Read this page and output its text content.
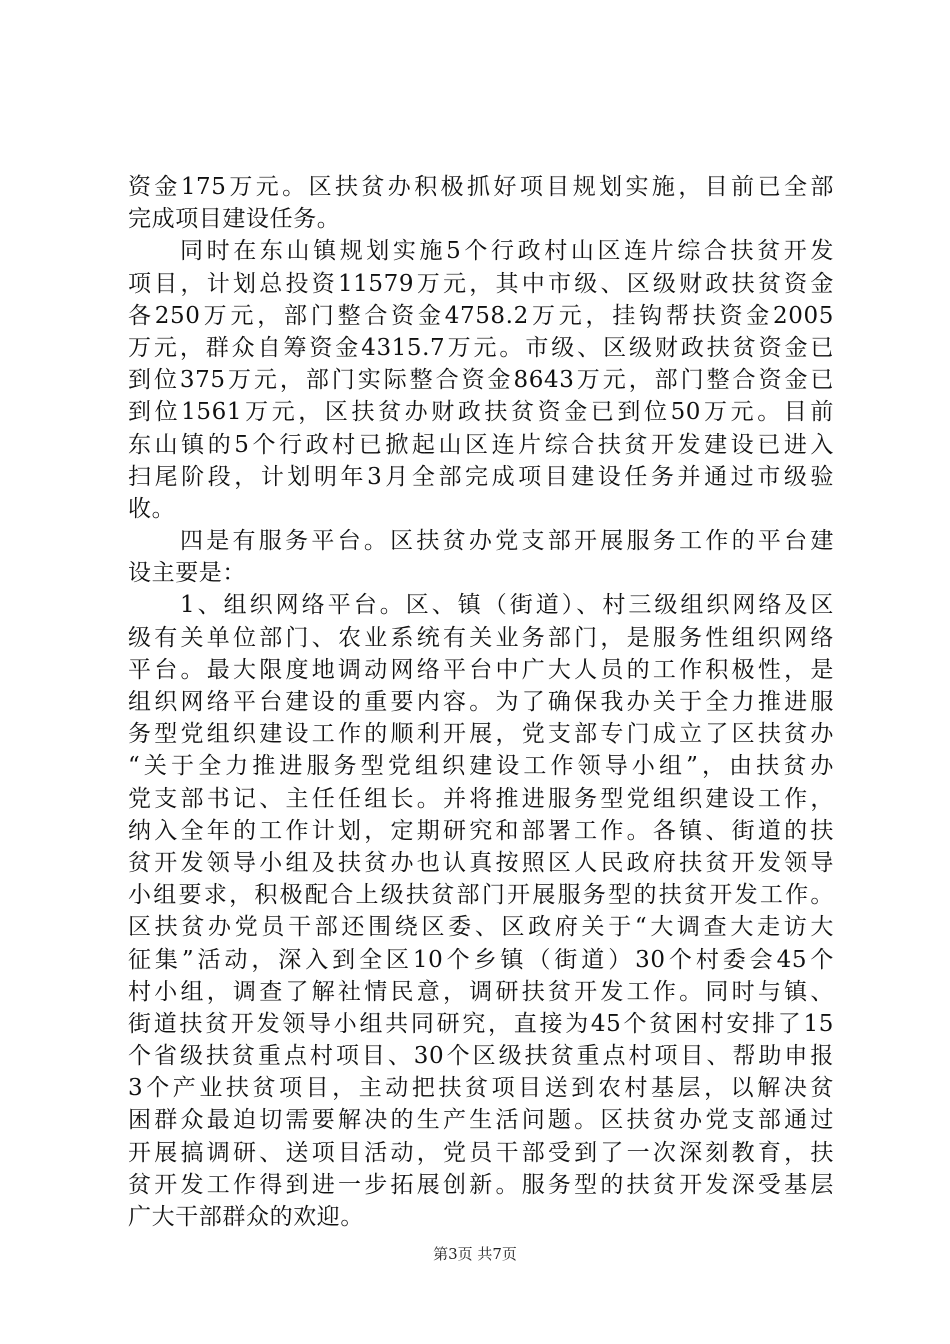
资金175万元。区扶贫办积极抓好项目规划实施，目前已全部
完成项目建设任务。
同时在东山镇规划实施5个行政村山区连片综合扶贫开发
项目，计划总投资11579万元，其中市级、区级财政扶贫资金
各250万元，部门整合资金4758.2万元，挂钩帮扶资金2005
万元，群众自筹资金4315.7万元。市级、区级财政扶贫资金已
到位375万元，部门实际整合资金8643万元，部门整合资金已
到位1561万元，区扶贫办财政扶贫资金已到位50万元。目前
东山镇的5个行政村已掀起山区连片综合扶贫开发建设已进入
扫尾阶段，计划明年3月全部完成项目建设任务并通过市级验
收。
四是有服务平台。区扶贫办党支部开展服务工作的平台建
设主要是：
1、组织网络平台。区、镇（街道）、村三级组织网络及区
级有关单位部门、农业系统有关业务部门，是服务性组织网络
平台。最大限度地调动网络平台中广大人员的工作积极性，是
组织网络平台建设的重要内容。为了确保我办关于全力推进服
务型党组织建设工作的顺利开展，党支部专门成立了区扶贫办
“关于全力推进服务型党组织建设工作领导小组”，由扶贫办
党支部书记、主任任组长。并将推进服务型党组织建设工作，
纳入全年的工作计划，定期研究和部署工作。各镇、街道的扶
贫开发领导小组及扶贫办也认真按照区人民政府扶贫开发领导
小组要求，积极配合上级扶贫部门开展服务型的扶贫开发工作。
区扶贫办党员干部还围绕区委、区政府关于“大调查大走访大
征集”活动，深入到全区10个乡镇（街道）30个村委会45个
村小组，调查了解社情民意，调研扶贫开发工作。同时与镇、
街道扶贫开发领导小组共同研究，直接为45个贫困村安排了15
个省级扶贫重点村项目、30个区级扶贫重点村项目、帮助申报
3个产业扶贫项目，主动把扶贫项目送到农村基层，以解决贫
困群众最迫切需要解决的生产生活问题。区扶贫办党支部通过
开展搞调研、送项目活动，党员干部受到了一次深刻教育，扶
贫开发工作得到进一步拓展创新。服务型的扶贫开发深受基层
广大干部群众的欢迎。
第3页 共7页
